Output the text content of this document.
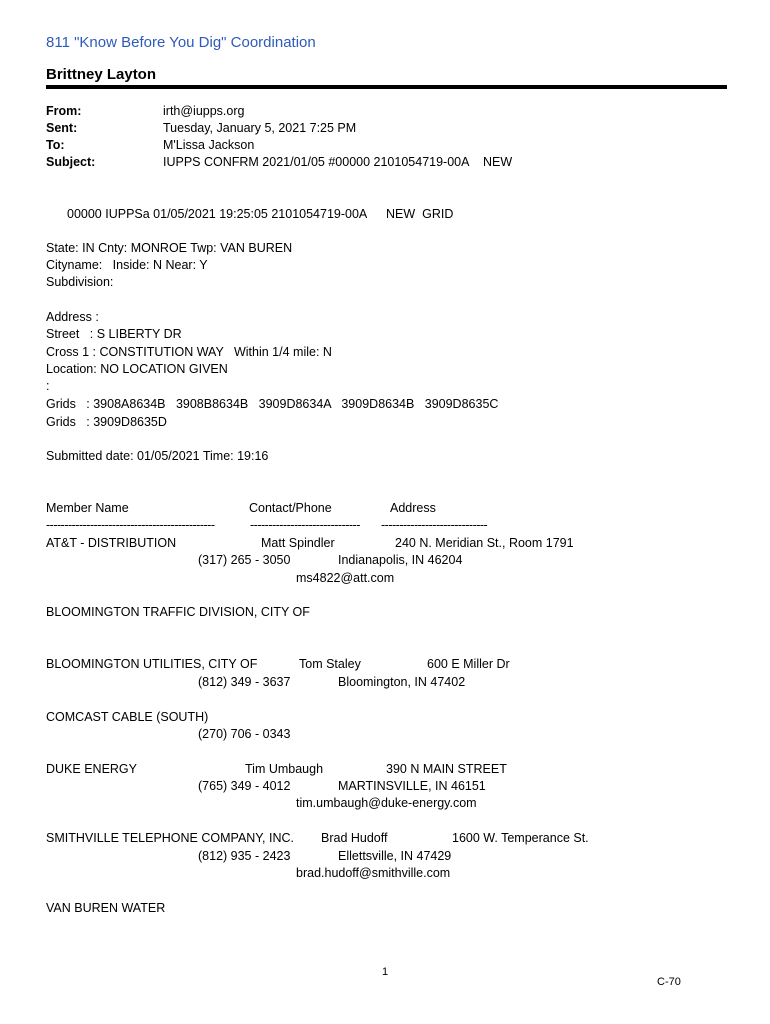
811 "Know Before You Dig" Coordination
Brittney Layton
From:	irth@iupps.org
Sent:	Tuesday, January 5, 2021 7:25 PM
To:	M'Lissa Jackson
Subject:	IUPPS CONFRM 2021/01/05 #00000 2101054719-00A NEW
00000 IUPPSa 01/05/2021 19:25:05 2101054719-00A NEW  GRID
State: IN Cnty: MONROE Twp: VAN BUREN
Cityname:   Inside: N Near: Y
Subdivision:
Address :
Street   : S LIBERTY DR
Cross 1 : CONSTITUTION WAY   Within 1/4 mile: N
Location: NO LOCATION GIVEN
:
Grids   : 3908A8634B   3908B8634B   3909D8634A   3909D8634B   3909D8635C
Grids   : 3909D8635D
Submitted date: 01/05/2021 Time: 19:16
Member Name	Contact/Phone	Address
----------------------------------------------	------------------------------ -----------------------------
AT&T - DISTRIBUTION	Matt Spindler	240 N. Meridian St., Room 1791
(317) 265 - 3050	Indianapolis, IN 46204
ms4822@att.com
BLOOMINGTON TRAFFIC DIVISION, CITY OF
BLOOMINGTON UTILITIES, CITY OF	Tom Staley	600 E Miller Dr
(812) 349 - 3637	Bloomington, IN 47402
COMCAST CABLE (SOUTH)
(270) 706 - 0343
DUKE ENERGY	Tim Umbaugh	390 N MAIN STREET
(765) 349 - 4012	MARTINSVILLE, IN 46151
tim.umbaugh@duke-energy.com
SMITHVILLE TELEPHONE COMPANY, INC. Brad Hudoff	1600 W. Temperance St.
(812) 935 - 2423	Ellettsville, IN 47429
brad.hudoff@smithville.com
VAN BUREN WATER
1
C-70
